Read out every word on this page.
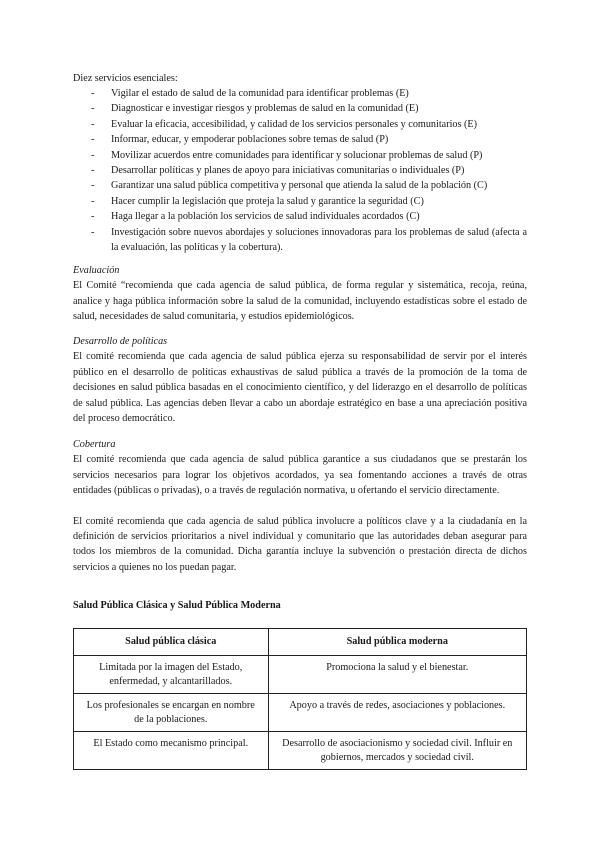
Diez servicios esenciales:

- Vigilar el estado de salud de la comunidad para identificar problemas (E)
- Diagnosticar e investigar riesgos y problemas de salud en la comunidad (E)
- Evaluar la eficacia, accesibilidad, y calidad de los servicios personales y comunitarios (E)
- Informar, educar, y empoderar poblaciones sobre temas de salud (P)
- Movilizar acuerdos entre comunidades para identificar y solucionar problemas de salud (P)
- Desarrollar políticas y planes de apoyo para iniciativas comunitarias o individuales (P)
- Garantizar una salud pública competitiva y personal que atienda la salud de la población (C)
- Hacer cumplir la legislación que proteja la salud y garantice la seguridad (C)
- Haga llegar a la población los servicios de salud individuales acordados (C)
- Investigación sobre nuevos abordajes y soluciones innovadoras para los problemas de salud (afecta a la evaluación, las políticas y la cobertura).

Evaluación

El Comité “recomienda que cada agencia de salud pública, de forma regular y sistemática, recoja, reúna, analice y haga pública información sobre la salud de la comunidad, incluyendo estadísticas sobre el estado de salud, necesidades de salud comunitaria, y estudios epidemiológicos.

Desarrollo de políticas

El comité recomienda que cada agencia de salud pública ejerza su responsabilidad de servir por el interés público en el desarrollo de políticas exhaustivas de salud pública a través de la promoción de la toma de decisiones en salud pública basadas en el conocimiento científico, y del liderazgo en el desarrollo de políticas de salud pública. Las agencias deben llevar a cabo un abordaje estratégico en base a una apreciación positiva del proceso democrático.

Cobertura

El comité recomienda que cada agencia de salud pública garantice a sus ciudadanos que se prestarán los servicios necesarios para lograr los objetivos acordados, ya sea fomentando acciones a través de otras entidades (públicas o privadas), o a través de regulación normativa, u ofertando el servicio directamente.

El comité recomienda que cada agencia de salud pública involucre a políticos clave y a la ciudadanía en la definición de servicios prioritarios a nivel individual y comunitario que las autoridades deban asegurar para todos los miembros de la comunidad. Dicha garantía incluye la subvención o prestación directa de dichos servicios a quienes no los puedan pagar.

Salud Pública Clásica y Salud Pública Moderna

Salud pública clásica	Salud pública moderna
Limitada por la imagen del Estado, enfermedad, y alcantarillados.	Promociona la salud y el bienestar.
Los profesionales se encargan en nombre de la poblaciones.	Apoyo a través de redes, asociaciones y poblaciones.
El Estado como mecanismo principal.	Desarrollo de asociacionismo y sociedad civil. Influir en gobiernos, mercados y sociedad civil.
